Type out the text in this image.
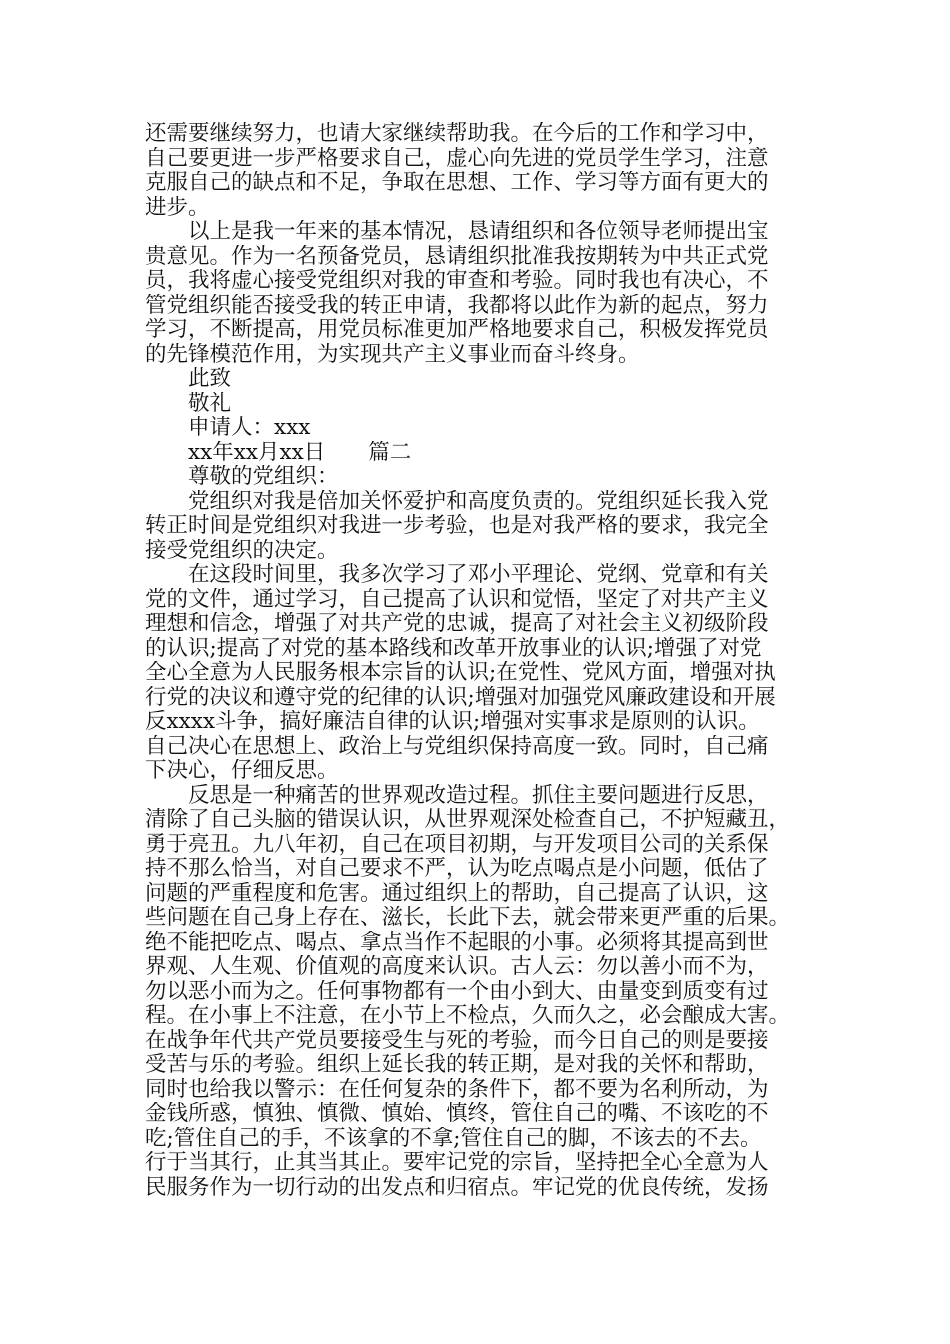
还需要继续努力，也请大家继续帮助我。在今后的工作和学习中，
自己要更进一步严格要求自己，虚心向先进的党员学生学习，注意
克服自己的缺点和不足，争取在思想、工作、学习等方面有更大的
进步。
以上是我一年来的基本情况，恳请组织和各位领导老师提出宝
贵意见。作为一名预备党员，恳请组织批准我按期转为中共正式党
员，我将虚心接受党组织对我的审查和考验。同时我也有决心，不
管党组织能否接受我的转正申请，我都将以此作为新的起点，努力
学习，不断提高，用党员标准更加严格地要求自己，积极发挥党员
的先锋模范作用，为实现共产主义事业而奋斗终身。
此致
敬礼
申请人：xxx
xx年xx月xx日　　篇二
尊敬的党组织：
党组织对我是倍加关怀爱护和高度负责的。党组织延长我入党
转正时间是党组织对我进一步考验，也是对我严格的要求，我完全
接受党组织的决定。
在这段时间里，我多次学习了邓小平理论、党纲、党章和有关
党的文件，通过学习，自己提高了认识和觉悟，坚定了对共产主义
理想和信念，增强了对共产党的忠诚，提高了对社会主义初级阶段
的认识;提高了对党的基本路线和改革开放事业的认识;增强了对党
全心全意为人民服务根本宗旨的认识;在党性、党风方面，增强对执
行党的决议和遵守党的纪律的认识;增强对加强党风廉政建设和开展
反xxxx斗争，搞好廉洁自律的认识;增强对实事求是原则的认识。
自己决心在思想上、政治上与党组织保持高度一致。同时，自己痛
下决心，仔细反思。
反思是一种痛苦的世界观改造过程。抓住主要问题进行反思，
清除了自己头脑的错误认识，从世界观深处检查自己，不护短藏丑，
勇于亮丑。九八年初，自己在项目初期，与开发项目公司的关系保
持不那么恰当，对自己要求不严，认为吃点喝点是小问题，低估了
问题的严重程度和危害。通过组织上的帮助，自己提高了认识，这
些问题在自己身上存在、滋长，长此下去，就会带来更严重的后果。
绝不能把吃点、喝点、拿点当作不起眼的小事。必须将其提高到世
界观、人生观、价值观的高度来认识。古人云：勿以善小而不为，
勿以恶小而为之。任何事物都有一个由小到大、由量变到质变有过
程。在小事上不注意，在小节上不检点，久而久之，必会酿成大害。
在战争年代共产党员要接受生与死的考验，而今日自己的则是要接
受苦与乐的考验。组织上延长我的转正期，是对我的关怀和帮助，
同时也给我以警示：在任何复杂的条件下，都不要为名利所动，为
金钱所惑，慎独、慎微、慎始、慎终，管住自己的嘴、不该吃的不
吃;管住自己的手，不该拿的不拿;管住自己的脚，不该去的不去。
行于当其行，止其当其止。要牢记党的宗旨，坚持把全心全意为人
民服务作为一切行动的出发点和归宿点。牢记党的优良传统，发扬
